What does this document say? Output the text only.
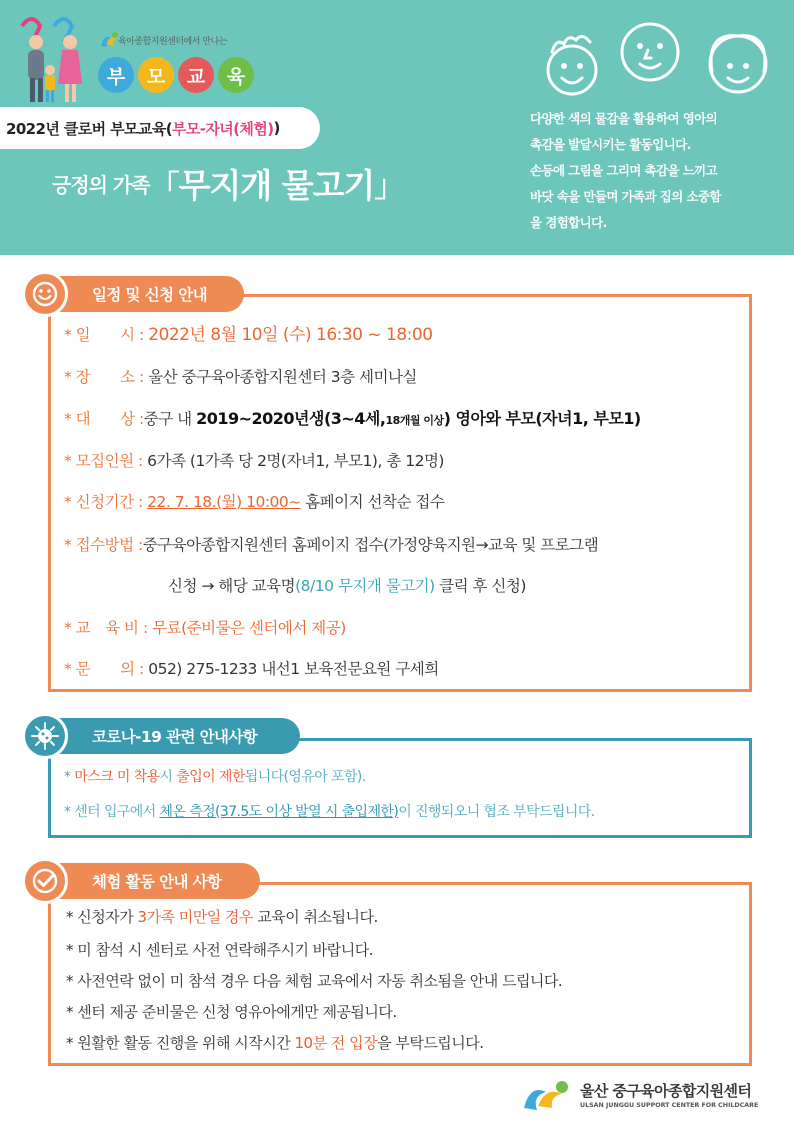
육아종합지원센터에서 만나는
부 모 교 육
2022년 클로버 부모교육( 부모-자녀(체험) )
긍정의 가족「무지개 물고기」
다양한 색의 물감을 활용하여 영아의
촉감을 발달시키는 활동입니다.
손등에 그림을 그리며 촉감을 느끼고
바닷 속을 만들며 가족과 집의 소중함
을 경험합니다.
일정 및 신청 안내
* 일　　시 : 2022년 8월 10일 (수) 16:30 ~ 18:00
* 장　　소 : 울산 중구육아종합지원센터 3층 세미나실
* 대　　상 :중구 내 2019~2020년생(3~4세,18개월 이상) 영아와 부모(자녀1, 부모1)
* 모집인원 : 6가족 (1가족 당 2명(자녀1, 부모1), 총 12명)
* 신청기간 : 22. 7. 18.(월) 10:00~ 홈페이지 선착순 접수
* 접수방법 :중구육아종합지원센터 홈페이지 접수(가정양육지원→교육 및 프로그램
신청 → 해당 교육명(8/10 무지개 물고기) 클릭 후 신청)
* 교　육 비 : 무료(준비물은 센터에서 제공)
* 문　　의 : 052) 275-1233 내선1 보육전문요원 구세희
코로나-19 관련 안내사항
* 마스크 미 착용시 출입이 제한됩니다(영유아 포함).
* 센터 입구에서 체온 측정(37.5도 이상 발열 시 출입제한)이 진행되오니 협조 부탁드립니다.
체험 활동 안내 사항
* 신청자가 3가족 미만일 경우 교육이 취소됩니다.
* 미 참석 시 센터로 사전 연락해주시기 바랍니다.
* 사전연락 없이 미 참석 경우 다음 체험 교육에서 자동 취소됨을 안내 드립니다.
* 센터 제공 준비물은 신청 영유아에게만 제공됩니다.
* 원활한 활동 진행을 위해 시작시간 10분 전 입장을 부탁드립니다.
울산 중구육아종합지원센터
ULSAN JUNGGU SUPPORT CENTER FOR CHILDCARE
